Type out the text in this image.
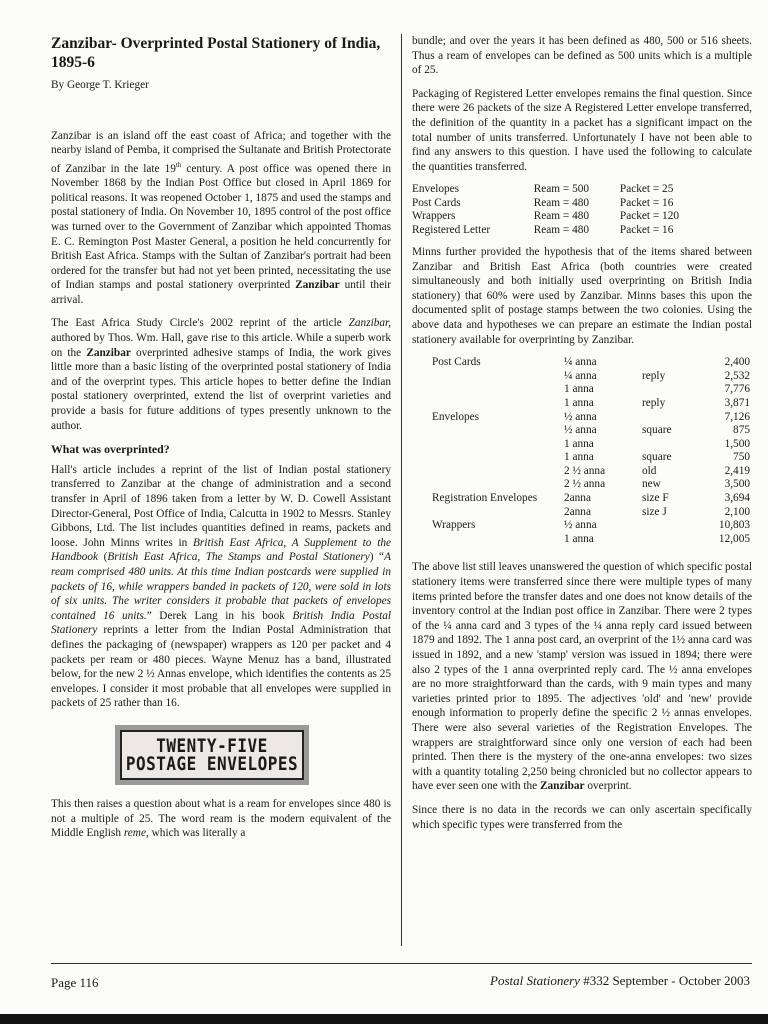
Zanzibar- Overprinted Postal Stationery of India, 1895-6

By George T. Krieger

Zanzibar is an island off the east coast of Africa; and together with the nearby island of Pemba, it comprised the Sultanate and British Protectorate of Zanzibar in the late 19th century. A post office was opened there in November 1868 by the Indian Post Office but closed in April 1869 for political reasons. It was reopened October 1, 1875 and used the stamps and postal stationery of India. On November 10, 1895 control of the post office was turned over to the Government of Zanzibar which appointed Thomas E. C. Remington Post Master General, a position he held concurrently for British East Africa. Stamps with the Sultan of Zanzibar's portrait had been ordered for the transfer but had not yet been printed, necessitating the use of Indian stamps and postal stationery overprinted Zanzibar until their arrival.

The East Africa Study Circle's 2002 reprint of the article Zanzibar, authored by Thos. Wm. Hall, gave rise to this article. While a superb work on the Zanzibar overprinted adhesive stamps of India, the work gives little more than a basic listing of the overprinted postal stationery of India and of the overprint types. This article hopes to better define the Indian postal stationery overprinted, extend the list of overprint varieties and provide a basis for future additions of types presently unknown to the author.

What was overprinted?

Hall's article includes a reprint of the list of Indian postal stationery transferred to Zanzibar at the change of administration and a second transfer in April of 1896 taken from a letter by W. D. Cowell Assistant Director-General, Post Office of India, Calcutta in 1902 to Messrs. Stanley Gibbons, Ltd. The list includes quantities defined in reams, packets and loose. John Minns writes in British East Africa, A Supplement to the Handbook (British East Africa, The Stamps and Postal Stationery) “A ream comprised 480 units. At this time Indian postcards were supplied in packets of 16, while wrappers banded in packets of 120, were sold in lots of six units. The writer considers it probable that packets of envelopes contained 16 units.” Derek Lang in his book British India Postal Stationery reprints a letter from the Indian Postal Administration that defines the packaging of (newspaper) wrappers as 120 per packet and 4 packets per ream or 480 pieces. Wayne Menuz has a band, illustrated below, for the new 2 ½ Annas envelope, which identifies the contents as 25 envelopes. I consider it most probable that all envelopes were supplied in packets of 25 rather than 16.

TWENTY-FIVE
POSTAGE ENVELOPES

This then raises a question about what is a ream for envelopes since 480 is not a multiple of 25. The word ream is the modern equivalent of the Middle English reme, which was literally a

bundle; and over the years it has been defined as 480, 500 or 516 sheets. Thus a ream of envelopes can be defined as 500 units which is a multiple of 25.

Packaging of Registered Letter envelopes remains the final question. Since there were 26 packets of the size A Registered Letter envelope transferred, the definition of the quantity in a packet has a significant impact on the total number of units transferred. Unfortunately I have not been able to find any answers to this question. I have used the following to calculate the quantities transferred.

Envelopes	Ream = 500	Packet = 25
Post Cards	Ream = 480	Packet = 16
Wrappers	Ream = 480	Packet = 120
Registered Letter	Ream = 480	Packet = 16

Minns further provided the hypothesis that of the items shared between Zanzibar and British East Africa (both countries were created simultaneously and both initially used overprinting on British India stationery) that 60% were used by Zanzibar. Minns bases this upon the documented split of postage stamps between the two colonies. Using the above data and hypotheses we can prepare an estimate the Indian postal stationery available for overprinting by Zanzibar.

Post Cards	¼ anna		2,400
	¼ anna	reply	2,532
	1 anna		7,776
	1 anna	reply	3,871
Envelopes	½ anna		7,126
	½ anna	square	875
	1 anna		1,500
	1 anna	square	750
	2 ½ anna	old	2,419
	2 ½ anna	new	3,500
Registration Envelopes	2anna	size F	3,694
	2anna	size J	2,100
Wrappers	½ anna		10,803
	1 anna		12,005

The above list still leaves unanswered the question of which specific postal stationery items were transferred since there were multiple types of many items printed before the transfer dates and one does not know details of the inventory control at the Indian post office in Zanzibar. There were 2 types of the ¼ anna card and 3 types of the ¼ anna reply card issued between 1879 and 1892. The 1 anna post card, an overprint of the 1½ anna card was issued in 1892, and a new 'stamp' version was issued in 1894; there were also 2 types of the 1 anna overprinted reply card. The ½ anna envelopes are no more straightforward than the cards, with 9 main types and many varieties printed prior to 1895. The adjectives 'old' and 'new' provide enough information to properly define the specific 2 ½ annas envelopes. There were also several varieties of the Registration Envelopes. The wrappers are straightforward since only one version of each had been printed. Then there is the mystery of the one-anna envelopes: two sizes with a quantity totaling 2,250 being chronicled but no collector appears to have ever seen one with the Zanzibar overprint.

Since there is no data in the records we can only ascertain specifically which specific types were transferred from the

Page 116	Postal Stationery #332 September - October 2003
